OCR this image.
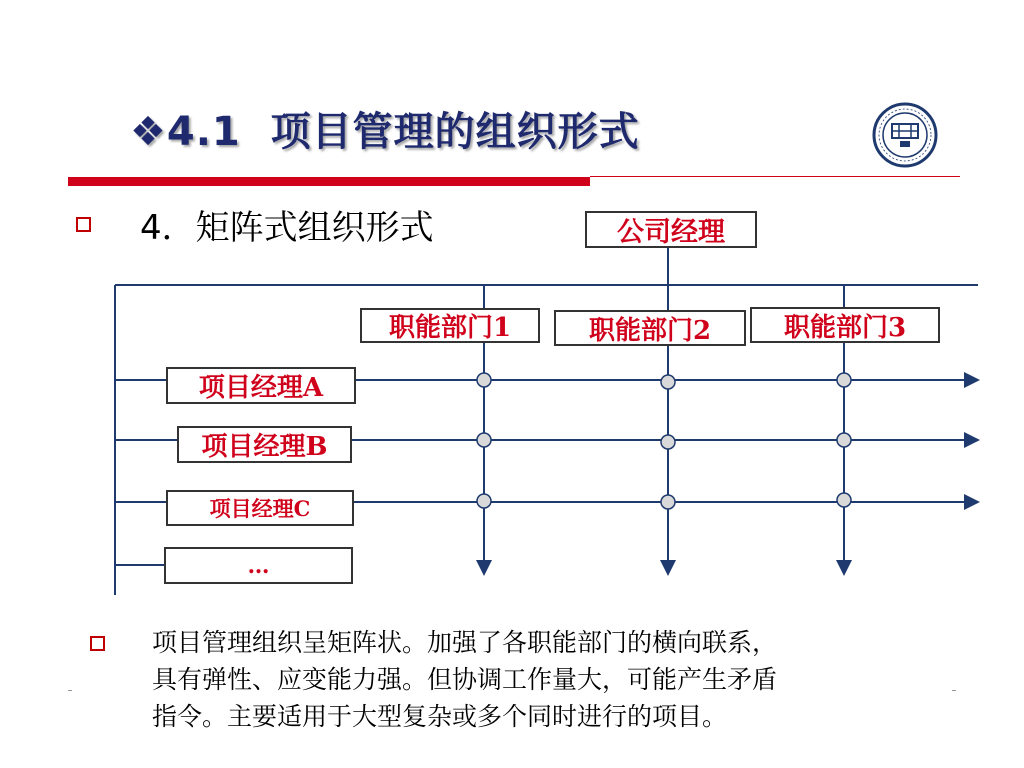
❖4.1 项目管理的组织形式
4．矩阵式组织形式	公司经理
职能部门1	职能部门2	职能部门3
项目经理A
项目经理B
项目经理C
…
项目管理组织呈矩阵状。加强了各职能部门的横向联系，
具有弹性、应变能力强。但协调工作量大，可能产生矛盾
指令。主要适用于大型复杂或多个同时进行的项目。
